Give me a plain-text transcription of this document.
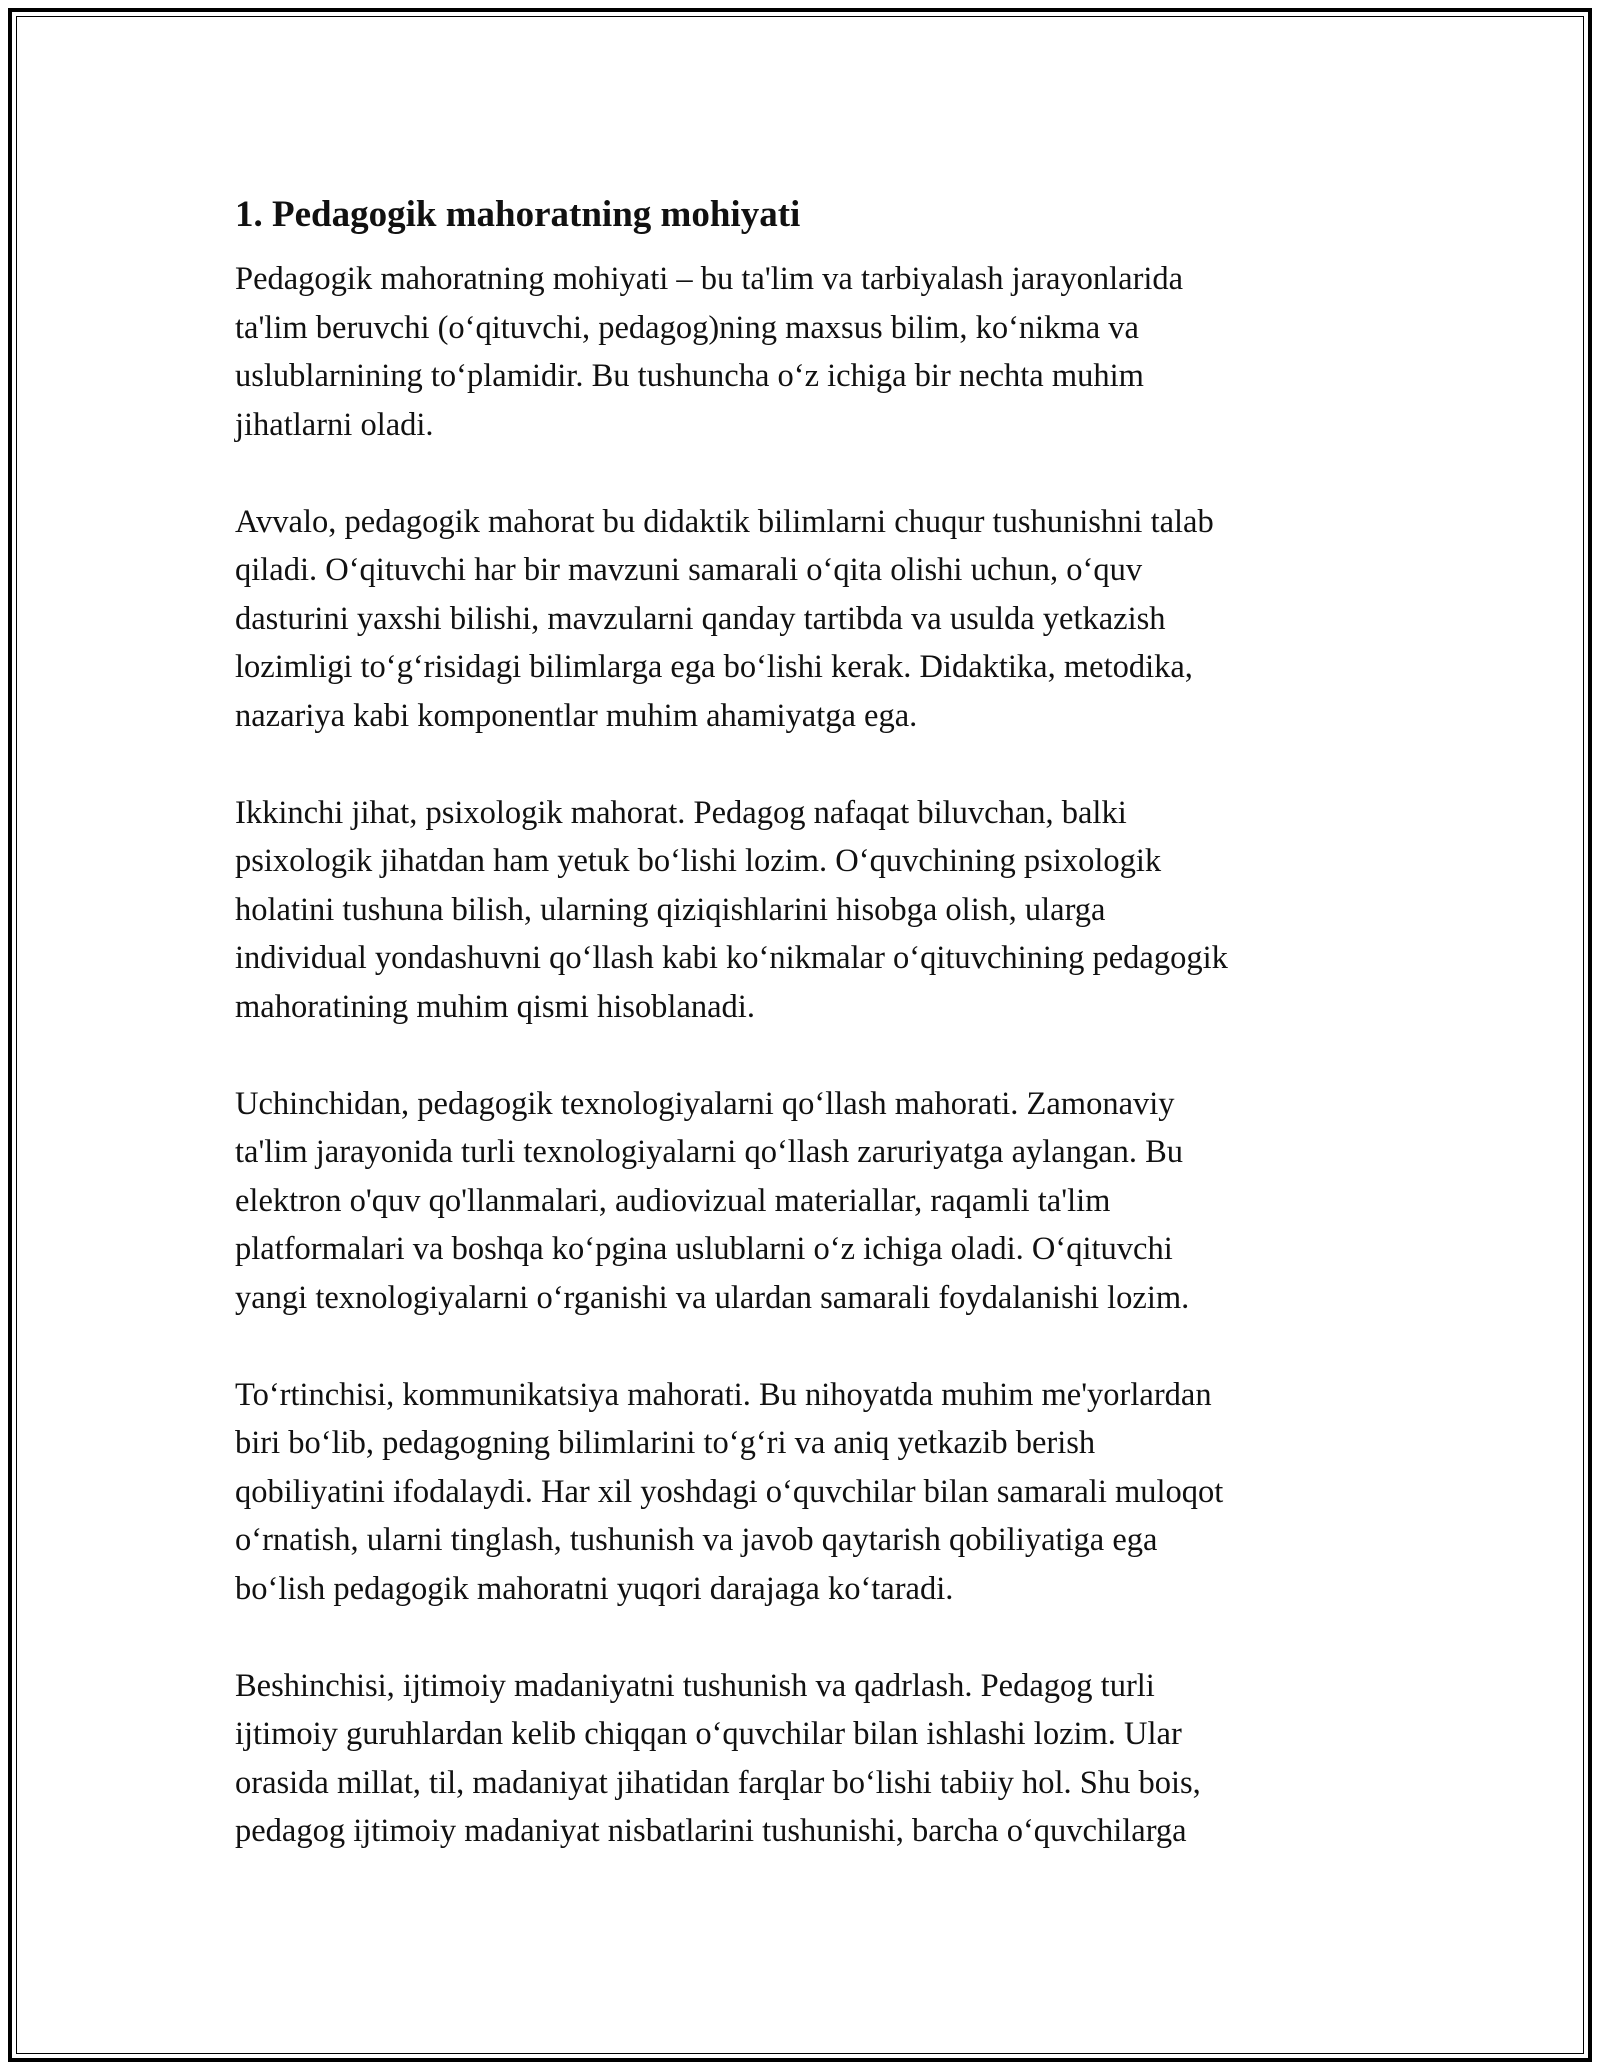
1. Pedagogik mahoratning mohiyati

Pedagogik mahoratning mohiyati – bu ta'lim va tarbiyalash jarayonlarida
ta'lim beruvchi (oʻqituvchi, pedagog)ning maxsus bilim, koʻnikma va
uslublarnining toʻplamidir. Bu tushuncha oʻz ichiga bir nechta muhim
jihatlarni oladi.

Avvalo, pedagogik mahorat bu didaktik bilimlarni chuqur tushunishni talab
qiladi. Oʻqituvchi har bir mavzuni samarali oʻqita olishi uchun, oʻquv
dasturini yaxshi bilishi, mavzularni qanday tartibda va usulda yetkazish
lozimligi toʻgʻrisidagi bilimlarga ega boʻlishi kerak. Didaktika, metodika,
nazariya kabi komponentlar muhim ahamiyatga ega.

Ikkinchi jihat, psixologik mahorat. Pedagog nafaqat biluvchan, balki
psixologik jihatdan ham yetuk boʻlishi lozim. Oʻquvchining psixologik
holatini tushuna bilish, ularning qiziqishlarini hisobga olish, ularga
individual yondashuvni qoʻllash kabi koʻnikmalar oʻqituvchining pedagogik
mahoratining muhim qismi hisoblanadi.

Uchinchidan, pedagogik texnologiyalarni qoʻllash mahorati. Zamonaviy
ta'lim jarayonida turli texnologiyalarni qoʻllash zaruriyatga aylangan. Bu
elektron o'quv qo'llanmalari, audiovizual materiallar, raqamli ta'lim
platformalari va boshqa koʻpgina uslublarni oʻz ichiga oladi. Oʻqituvchi
yangi texnologiyalarni oʻrganishi va ulardan samarali foydalanishi lozim.

Toʻrtinchisi, kommunikatsiya mahorati. Bu nihoyatda muhim me'yorlardan
biri boʻlib, pedagogning bilimlarini toʻgʻri va aniq yetkazib berish
qobiliyatini ifodalaydi. Har xil yoshdagi oʻquvchilar bilan samarali muloqot
oʻrnatish, ularni tinglash, tushunish va javob qaytarish qobiliyatiga ega
boʻlish pedagogik mahoratni yuqori darajaga koʻtaradi.

Beshinchisi, ijtimoiy madaniyatni tushunish va qadrlash. Pedagog turli
ijtimoiy guruhlardan kelib chiqqan oʻquvchilar bilan ishlashi lozim. Ular
orasida millat, til, madaniyat jihatidan farqlar boʻlishi tabiiy hol. Shu bois,
pedagog ijtimoiy madaniyat nisbatlarini tushunishi, barcha oʻquvchilarga
